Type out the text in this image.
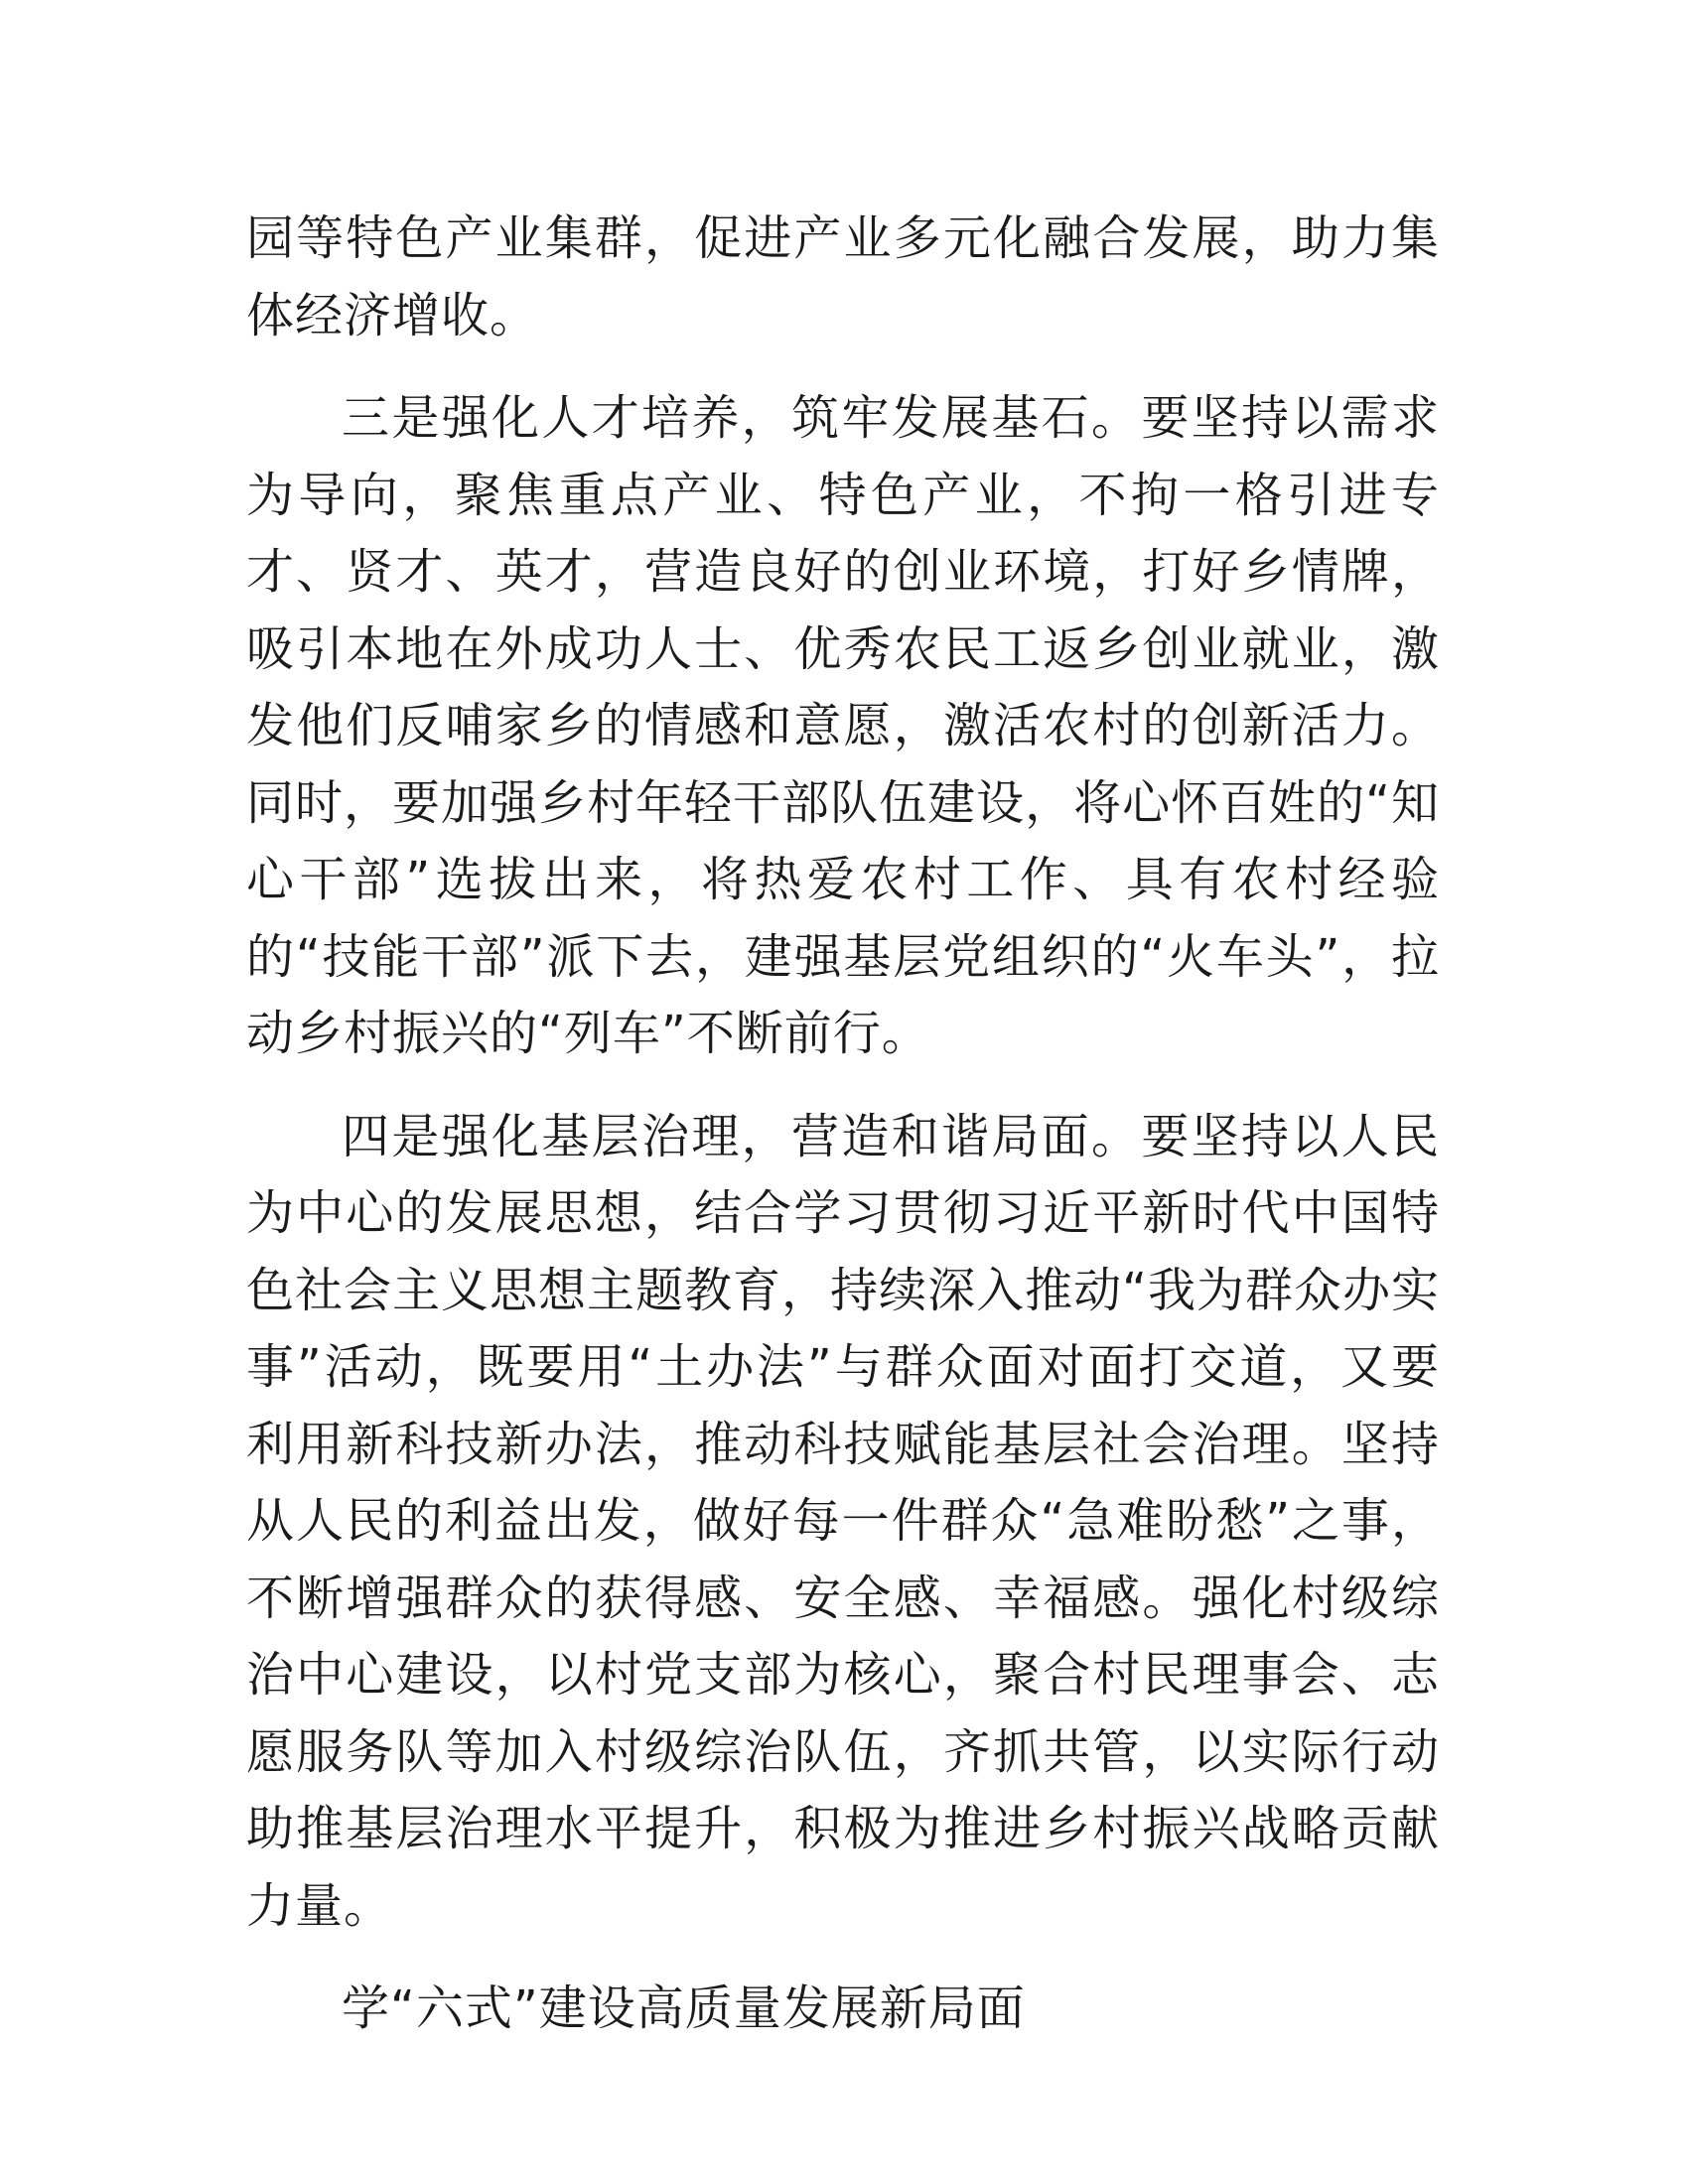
园等特色产业集群，促进产业多元化融合发展，助力集体经济增收。

三是强化人才培养，筑牢发展基石。要坚持以需求为导向，聚焦重点产业、特色产业，不拘一格引进专才、贤才、英才，营造良好的创业环境，打好乡情牌，吸引本地在外成功人士、优秀农民工返乡创业就业，激发他们反哺家乡的情感和意愿，激活农村的创新活力。同时，要加强乡村年轻干部队伍建设，将心怀百姓的“知心干部”选拔出来，将热爱农村工作、具有农村经验的“技能干部”派下去，建强基层党组织的“火车头”，拉动乡村振兴的“列车”不断前行。

四是强化基层治理，营造和谐局面。要坚持以人民为中心的发展思想，结合学习贯彻习近平新时代中国特色社会主义思想主题教育，持续深入推动“我为群众办实事”活动，既要用“土办法”与群众面对面打交道，又要利用新科技新办法，推动科技赋能基层社会治理。坚持从人民的利益出发，做好每一件群众“急难盼愁”之事，不断增强群众的获得感、安全感、幸福感。强化村级综治中心建设，以村党支部为核心，聚合村民理事会、志愿服务队等加入村级综治队伍，齐抓共管，以实际行动助推基层治理水平提升，积极为推进乡村振兴战略贡献力量。

学“六式”建设高质量发展新局面
